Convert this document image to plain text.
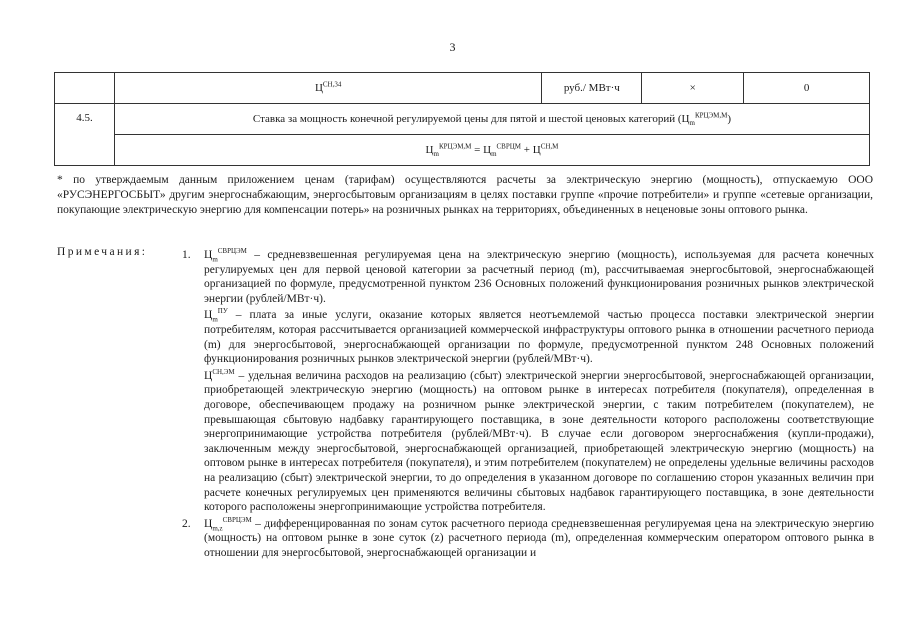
3
	$Ц^{СН,34}$	руб./ МВт·ч	×	0
4.5.	Ставка за мощность конечной регулируемой цены для пятой и шестой ценовых категорий $(Ц_m^{КРЦЭМ,М})$			
	$Ц_m^{КРЦЭМ,М} = Ц_m^{СВРЦМ} + Ц^{СН,М}$
* по утверждаемым данным приложением ценам (тарифам) осуществляются расчеты за электрическую энергию (мощность), отпускаемую ООО «РУСЭНЕРГОСБЫТ» другим энергоснабжающим, энергосбытовым организациям в целях поставки группе «прочие потребители» и группе «сетевые организации, покупающие электрическую энергию для компенсации потерь» на розничных рынках на территориях, объединенных в неценовые зоны оптового рынка.
Примечания:	1. $Ц_m^{СВРЦЭМ}$ – средневзвешенная регулируемая цена на электрическую энергию (мощность), используемая для расчета конечных регулируемых цен для первой ценовой категории за расчетный период (m), рассчитываемая энергосбытовой, энергоснабжающей организацией по формуле, предусмотренной пунктом 236 Основных положений функционирования розничных рынков электрической энергии (рублей/МВт·ч).
$Ц_m^{ПУ}$ – плата за иные услуги, оказание которых является неотъемлемой частью процесса поставки электрической энергии потребителям, которая рассчитывается организацией коммерческой инфраструктуры оптового рынка в отношении расчетного периода (m) для энергосбытовой, энергоснабжающей организации по формуле, предусмотренной пунктом 248 Основных положений функционирования розничных рынков электрической энергии (рублей/МВт·ч).
$Ц^{СН,ЭМ}$ – удельная величина расходов на реализацию (сбыт) электрической энергии энергосбытовой, энергоснабжающей организации, приобретающей электрическую энергию (мощность) на оптовом рынке в интересах потребителя (покупателя), определенная в договоре, обеспечивающем продажу на розничном рынке электрической энергии, с таким потребителем (покупателем), не превышающая сбытовую надбавку гарантирующего поставщика, в зоне деятельности которого расположены соответствующие энергопринимающие устройства потребителя (рублей/МВт·ч). В случае если договором энергоснабжения (купли-продажи), заключенным между энергосбытовой, энергоснабжающей организацией, приобретающей электрическую энергию (мощность) на оптовом рынке в интересах потребителя (покупателя), и этим потребителем (покупателем) не определены удельные величины расходов на реализацию (сбыт) электрической энергии, то до определения в указанном договоре по соглашению сторон указанных величин при расчете конечных регулируемых цен применяются величины сбытовых надбавок гарантирующего поставщика, в зоне деятельности которого расположены энергопринимающие устройства потребителя.
2. $Ц_{m,z}^{СВРЦЭМ}$ – дифференцированная по зонам суток расчетного периода средневзвешенная регулируемая цена на электрическую энергию (мощность) на оптовом рынке в зоне суток (z) расчетного периода (m), определенная коммерческим оператором оптового рынка в отношении для энергосбытовой, энергоснабжающей организации и
